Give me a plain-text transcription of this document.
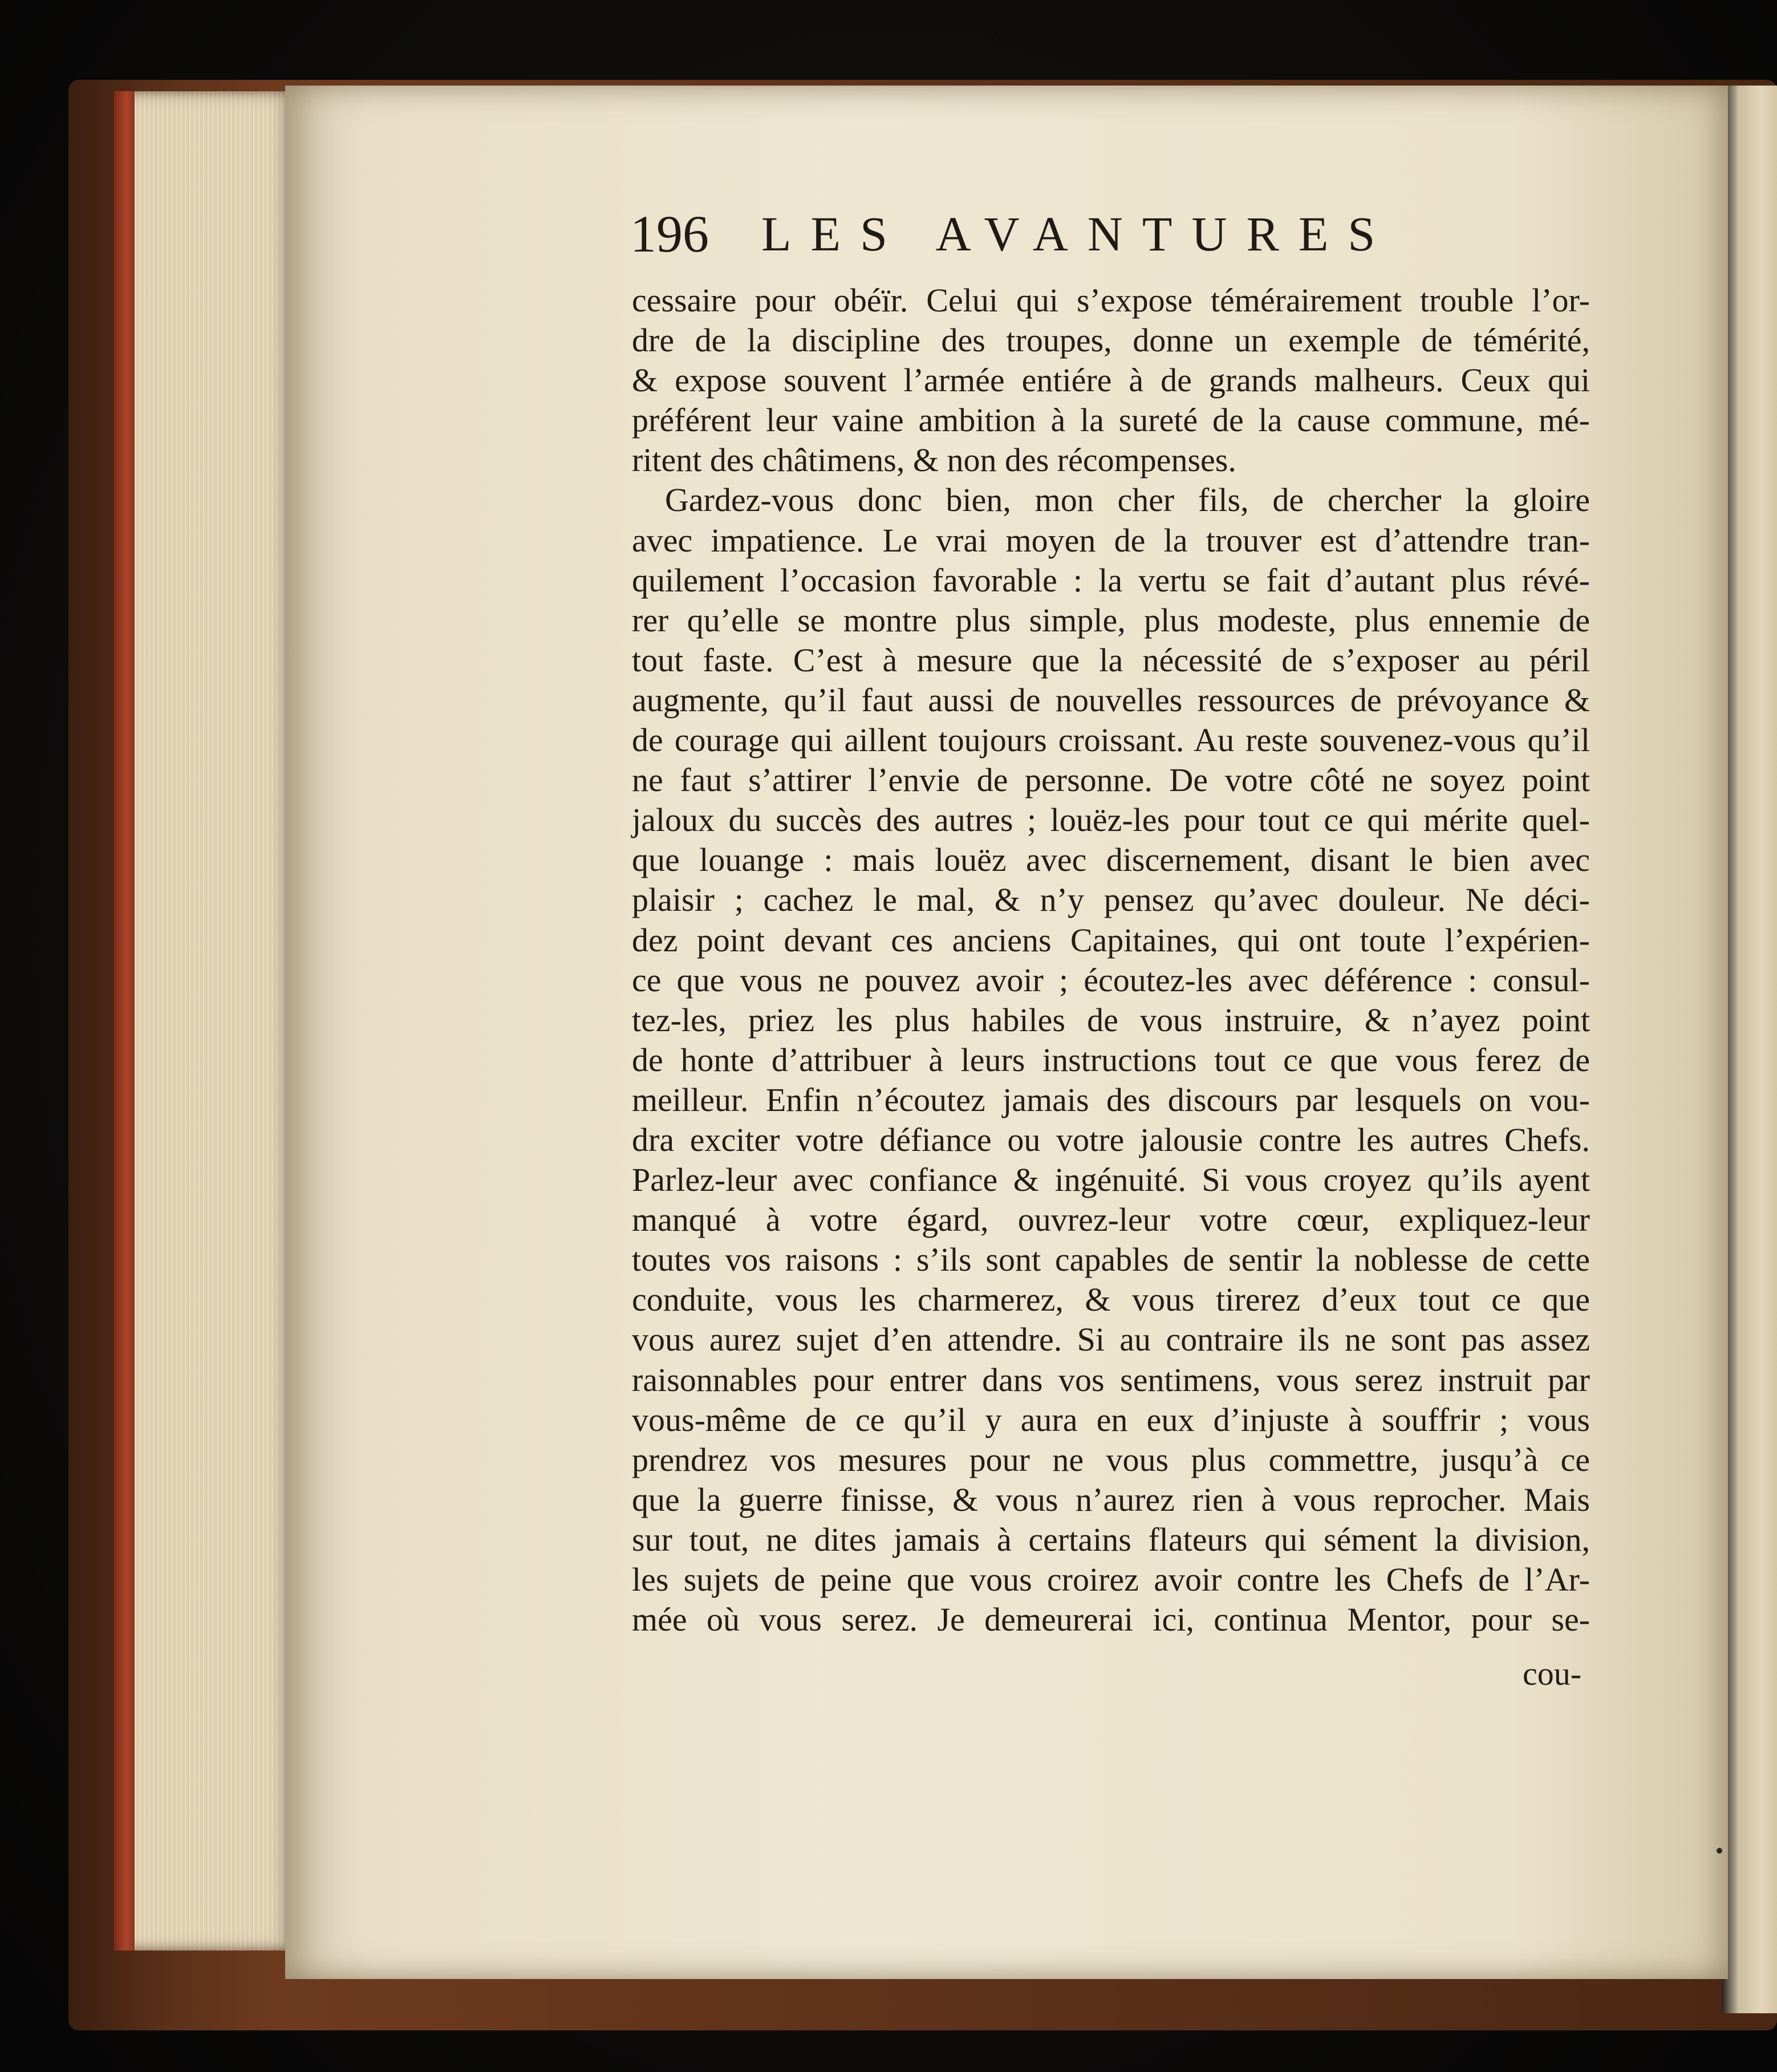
196 LES AVANTURES
cessaire pour obéïr. Celui qui s’expose témérairement trouble l’or-
dre de la discipline des troupes, donne un exemple de témérité,
& expose souvent l’armée entiére à de grands malheurs. Ceux qui
préférent leur vaine ambition à la sureté de la cause commune, mé-
ritent des châtimens, & non des récompenses.
Gardez-vous donc bien, mon cher fils, de chercher la gloire
avec impatience. Le vrai moyen de la trouver est d’attendre tran-
quilement l’occasion favorable : la vertu se fait d’autant plus révé-
rer qu’elle se montre plus simple, plus modeste, plus ennemie de
tout faste. C’est à mesure que la nécessité de s’exposer au péril
augmente, qu’il faut aussi de nouvelles ressources de prévoyance &
de courage qui aillent toujours croissant. Au reste souvenez-vous qu’il
ne faut s’attirer l’envie de personne. De votre côté ne soyez point
jaloux du succès des autres ; louëz-les pour tout ce qui mérite quel-
que louange : mais louëz avec discernement, disant le bien avec
plaisir ; cachez le mal, & n’y pensez qu’avec douleur. Ne déci-
dez point devant ces anciens Capitaines, qui ont toute l’expérien-
ce que vous ne pouvez avoir ; écoutez-les avec déférence : consul-
tez-les, priez les plus habiles de vous instruire, & n’ayez point
de honte d’attribuer à leurs instructions tout ce que vous ferez de
meilleur. Enfin n’écoutez jamais des discours par lesquels on vou-
dra exciter votre défiance ou votre jalousie contre les autres Chefs.
Parlez-leur avec confiance & ingénuité. Si vous croyez qu’ils ayent
manqué à votre égard, ouvrez-leur votre cœur, expliquez-leur
toutes vos raisons : s’ils sont capables de sentir la noblesse de cette
conduite, vous les charmerez, & vous tirerez d’eux tout ce que
vous aurez sujet d’en attendre. Si au contraire ils ne sont pas assez
raisonnables pour entrer dans vos sentimens, vous serez instruit par
vous-même de ce qu’il y aura en eux d’injuste à souffrir ; vous
prendrez vos mesures pour ne vous plus commettre, jusqu’à ce
que la guerre finisse, & vous n’aurez rien à vous reprocher. Mais
sur tout, ne dites jamais à certains flateurs qui sément la division,
les sujets de peine que vous croirez avoir contre les Chefs de l’Ar-
mée où vous serez. Je demeurerai ici, continua Mentor, pour se-
cou-
